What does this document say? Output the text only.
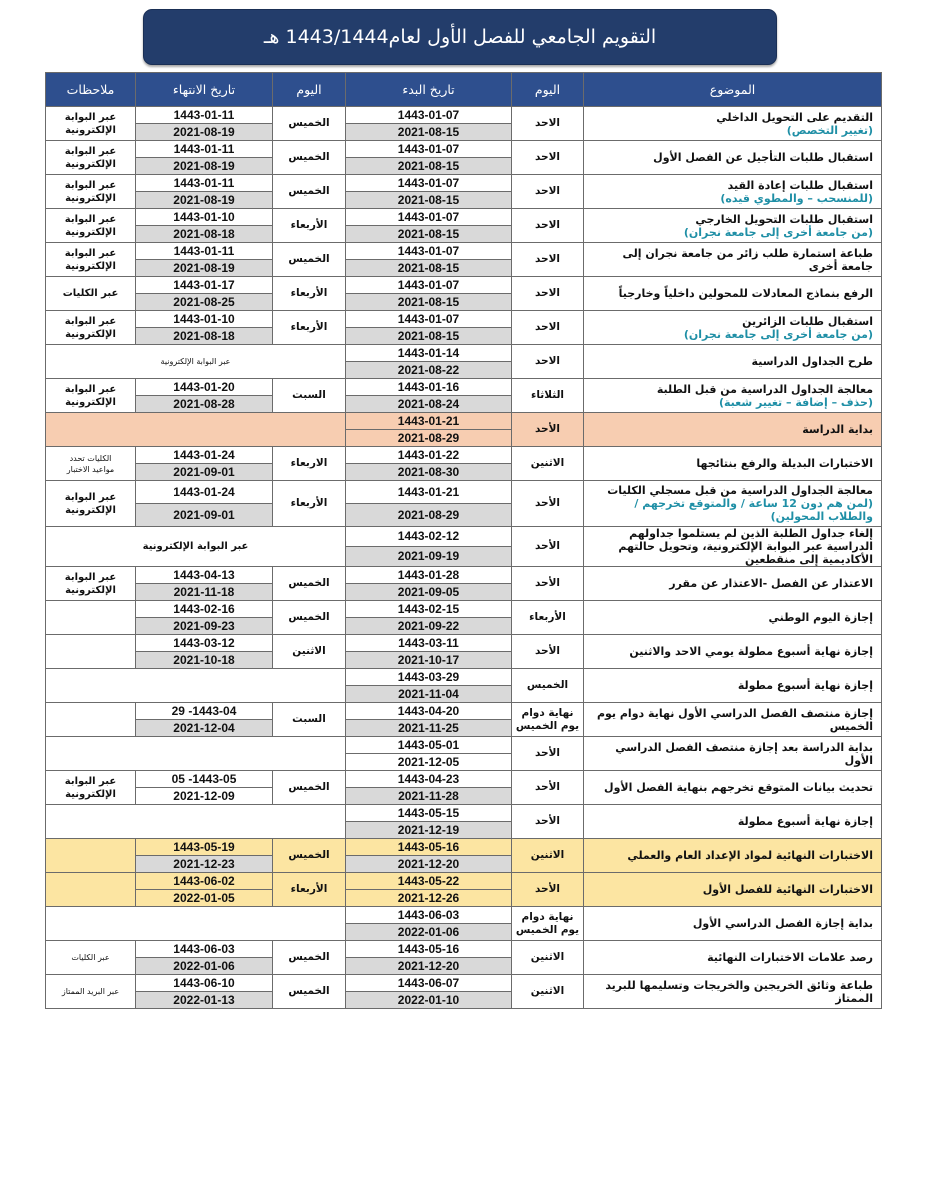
التقويم الجامعي للفصل الأول لعام1443/1444 هـ
الموضوع	اليوم	تاريخ البدء	اليوم	تاريخ الانتهاء	ملاحظات
التقديم على التحويل الداخلي
(تغيير التخصص)	الاحد	1443-01-07	الخميس	1443-01-11	عبر البوابة
الإلكترونية
		2021-08-15		2021-08-19	
استقبال طلبات التأجيل عن الفصل الأول	الاحد	1443-01-07	الخميس	1443-01-11	عبر البوابة
الإلكترونية
		2021-08-15		2021-08-19	
استقبال طلبات إعادة القيد
(للمنسحب – والمطوي قيده)	الاحد	1443-01-07	الخميس	1443-01-11	عبر البوابة
الإلكترونية
		2021-08-15		2021-08-19	
استقبال طلبات التحويل الخارجي
(من جامعة أخرى إلى جامعة نجران)	الاحد	1443-01-07	الأربعاء	1443-01-10	عبر البوابة
الإلكترونية
		2021-08-15		2021-08-18	
طباعة استمارة طلب زائر من جامعة نجران إلى جامعة أخرى	الاحد	1443-01-07	الخميس	1443-01-11	عبر البوابة
الإلكترونية
		2021-08-15		2021-08-19	
الرفع بنماذج المعادلات للمحولين داخلياً وخارجياً	الاحد	1443-01-07	الأربعاء	1443-01-17	عبر الكليات
		2021-08-15		2021-08-25	
استقبال طلبات الزائرين
(من جامعة أخرى إلى جامعة نجران)	الاحد	1443-01-07	الأربعاء	1443-01-10	عبر البوابة
الإلكترونية
		2021-08-15		2021-08-18	
طرح الجداول الدراسية	الاحد	1443-01-14	عبر البوابة الإلكترونية		
		2021-08-22			
معالجة الجداول الدراسية من قبل الطلبة
(حذف – إضافة – تغيير شعبة)	الثلاثاء	1443-01-16	السبت	1443-01-20	عبر البوابة
الإلكترونية
		2021-08-24		2021-08-28	
بداية الدراسة	الأحد	1443-01-21			
		2021-08-29			
الاختبارات البديلة والرفع بنتائجها	الاثنين	1443-01-22	الاربعاء	1443-01-24	الكليات تحدد
مواعيد الاختبار
		2021-08-30		2021-09-01	
معالجة الجداول الدراسية من قبل مسجلي الكليات
(لمن هم دون 12 ساعة / والمتوقع تخرجهم / والطلاب المحولين)	الأحد	1443-01-21	الأربعاء	1443-01-24	عبر البوابة
الإلكترونية
		2021-08-29		2021-09-01	
إلغاء جداول الطلبة الذين لم يستلموا جداولهم الدراسية عبر البوابة الإلكترونية، وتحويل حالتهم الأكاديمية إلى منقطعين	الأحد	1443-02-12	عبر البوابة الإلكترونية		
		2021-09-19			
الاعتذار عن الفصل -الاعتذار عن مقرر	الأحد	1443-01-28	الخميس	1443-04-13	عبر البوابة
الإلكترونية
		2021-09-05		2021-11-18	
إجازة اليوم الوطني	الأربعاء	1443-02-15	الخميس	1443-02-16	
		2021-09-22		2021-09-23	
إجازة نهاية أسبوع مطولة يومي الاحد والاثنين	الأحد	1443-03-11	الاثنين	1443-03-12	
		2021-10-17		2021-10-18	
إجازة نهاية أسبوع مطولة	الخميس	1443-03-29			
		2021-11-04			
إجازة منتصف الفصل الدراسي الأول نهاية دوام يوم الخميس	نهاية دوام
يوم الخميس	1443-04-20	السبت	1443-04- 29	
		2021-11-25		2021-12-04	
بداية الدراسة بعد إجازة منتصف الفصل الدراسي الأول	الأحد	1443-05-01			
		2021-12-05			
تحديث بيانات المتوقع تخرجهم بنهاية الفصل الأول	الأحد	1443-04-23	الخميس	1443-05- 05	عبر البوابة
الإلكترونية
		2021-11-28		2021-12-09	
إجازة نهاية أسبوع مطولة	الأحد	1443-05-15			
		2021-12-19			
الاختبارات النهائية لمواد الإعداد العام والعملي	الاثنين	1443-05-16	الخميس	1443-05-19	
		2021-12-20		2021-12-23	
الاختبارات النهائية للفصل الأول	الأحد	1443-05-22	الأربعاء	1443-06-02	
		2021-12-26		2022-01-05	
بداية إجازة الفصل الدراسي الأول	نهاية دوام
يوم الخميس	1443-06-03			
		2022-01-06			
رصد علامات الاختبارات النهائية	الاثنين	1443-05-16	الخميس	1443-06-03	عبر الكليات
		2021-12-20		2022-01-06	
طباعة وثائق الخريجين والخريجات وتسليمها للبريد الممتاز	الاثنين	1443-06-07	الخميس	1443-06-10	عبر البريد الممتاز
		2022-01-10		2022-01-13	
